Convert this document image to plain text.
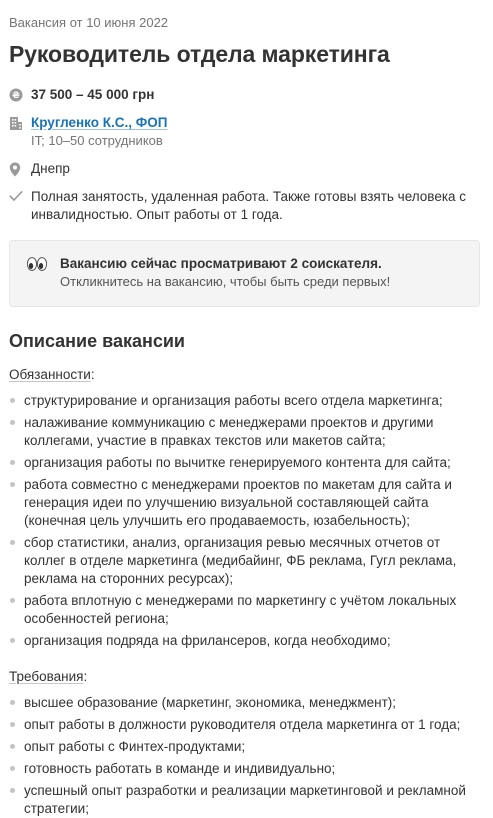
Вакансия от 10 июня 2022
Руководитель отдела маркетинга
₴ 37 500 – 45 000 грн
Кругленко К.С., ФОП
IT; 10–50 сотрудников
Днепр
Полная занятость, удаленная работа. Также готовы взять человека с инвалидностью. Опыт работы от 1 года.
Вакансию сейчас просматривают 2 соискателя.
Откликнитесь на вакансию, чтобы быть среди первых!
Описание вакансии
Обязанности:
структурирование и организация работы всего отдела маркетинга;
налаживание коммуникацию с менеджерами проектов и другими коллегами, участие в правках текстов или макетов сайта;
организация работы по вычитке генерируемого контента для сайта;
работа совместно с менеджерами проектов по макетам для сайта и генерация идеи по улучшению визуальной составляющей сайта (конечная цель улучшить его продаваемость, юзабельность);
сбор статистики, анализ, организация ревью месячных отчетов от коллег в отделе маркетинга (медибайинг, ФБ реклама, Гугл реклама, реклама на сторонних ресурсах);
работа вплотную с менеджерами по маркетингу с учётом локальных особенностей региона;
организация подряда на фрилансеров, когда необходимо;
Требования:
высшее образование (маркетинг, экономика, менеджмент);
опыт работы в должности руководителя отдела маркетинга от 1 года;
опыт работы с Финтех-продуктами;
готовность работать в команде и индивидуально;
успешный опыт разработки и реализации маркетинговой и рекламной стратегии;
